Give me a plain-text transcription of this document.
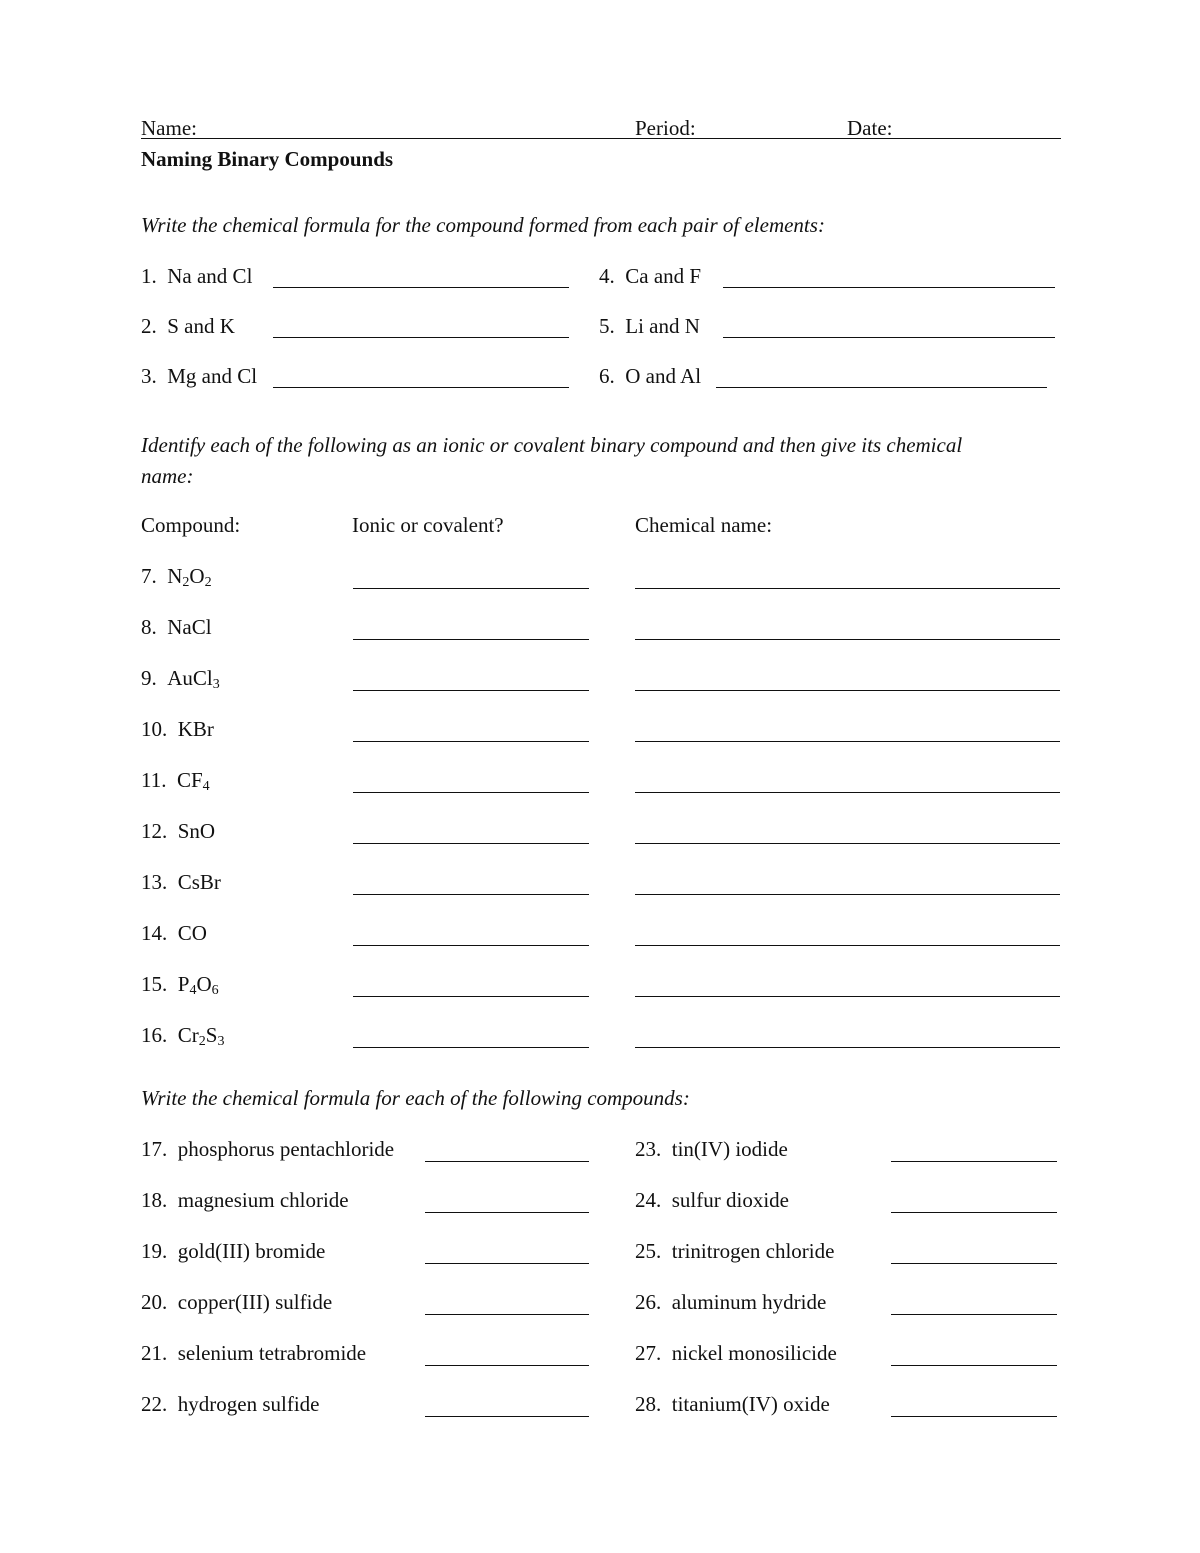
Name:	Period:	Date:
Naming Binary Compounds
Write the chemical formula for the compound formed from each pair of elements:
1. Na and Cl
2. S and K
3. Mg and Cl
4. Ca and F
5. Li and N
6. O and Al
Identify each of the following as an ionic or covalent binary compound and then give its chemical name:
Compound:	Ionic or covalent?	Chemical name:
7. $N_2O_2$
8. NaCl
9. AuCl$_3$
10. KBr
11. $CF_4$
12. SnO
13. CsBr
14. CO
15. $P_4O_6$
16. $Cr_2S_3$
Write the chemical formula for each of the following compounds:
17. phosphorus pentachloride
18. magnesium chloride
19. gold(III) bromide
20. copper(III) sulfide
21. selenium tetrabromide
22. hydrogen sulfide
23. tin(IV) iodide
24. sulfur dioxide
25. trinitrogen chloride
26. aluminum hydride
27. nickel monosilicide
28. titanium(IV) oxide
